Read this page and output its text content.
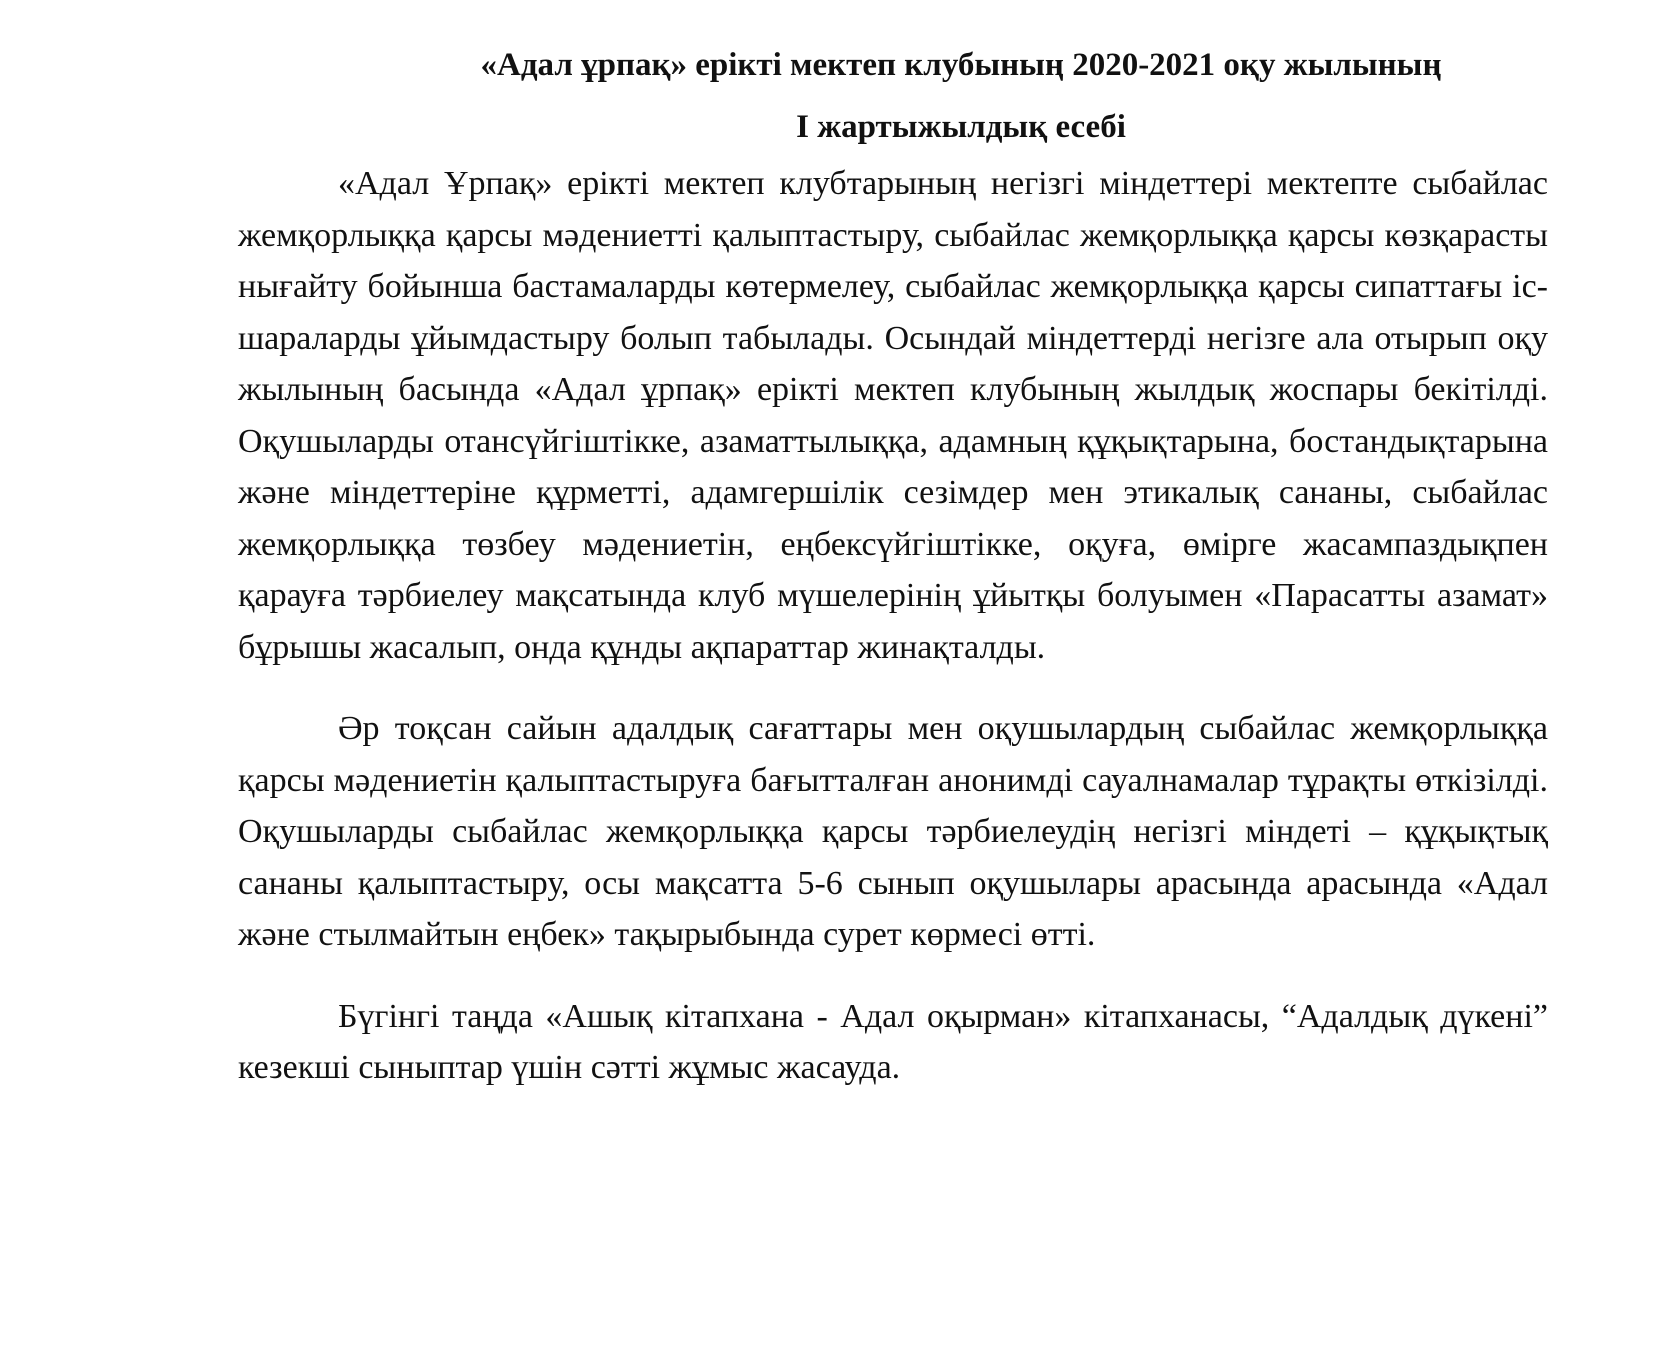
«Адал ұрпақ» ерікті мектеп клубының 2020-2021 оқу жылының
I жартыжылдық есебі

«Адал Ұрпақ» ерікті мектеп клубтарының негізгі міндеттері мектепте сыбайлас жемқорлыққа қарсы мәдениетті қалыптастыру, сыбайлас жемқорлыққа қарсы көзқарасты нығайту бойынша бастамаларды көтермелеу, сыбайлас жемқорлыққа қарсы сипаттағы іс-шараларды ұйымдастыру болып табылады. Осындай міндеттерді негізге ала отырып оқу жылының басында «Адал ұрпақ» ерікті мектеп клубының жылдық жоспары бекітілді. Оқушыларды отансүйгіштікке, азаматтылыққа, адамның құқықтарына, бостандықтарына және міндеттеріне құрметті, адамгершілік сезімдер мен этикалық сананы, сыбайлас жемқорлыққа төзбеу мәдениетін, еңбексүйгіштікке, оқуға, өмірге жасампаздықпен қарауға тәрбиелеу мақсатында клуб мүшелерінің ұйытқы болуымен «Парасатты азамат» бұрышы жасалып, онда құнды ақпараттар жинақталды.

Әр тоқсан сайын адалдық сағаттары мен оқушылардың сыбайлас жемқорлыққа қарсы мәдениетін қалыптастыруға бағытталған анонимді сауалнамалар тұрақты өткізілді. Оқушыларды сыбайлас жемқорлыққа қарсы тәрбиелеудің негізгі міндеті – құқықтық сананы қалыптастыру, осы мақсатта 5-6 сынып оқушылары арасында арасында «Адал және стылмайтын еңбек» тақырыбында сурет көрмесі өтті.

Бүгінгі таңда «Ашық кітапхана - Адал оқырман» кітапханасы, “Адалдық дүкені” кезекші сыныптар үшін сәтті жұмыс жасауда.
